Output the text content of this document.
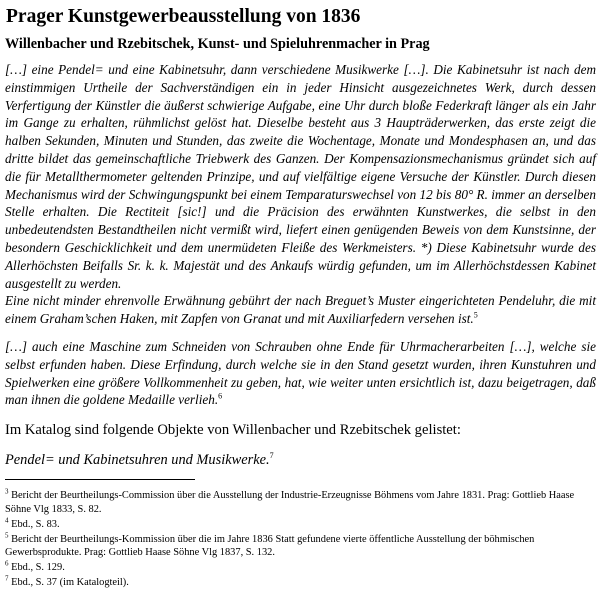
Prager Kunstgewerbeausstellung von 1836
Willenbacher und Rzebitschek, Kunst- und Spieluhrenmacher in Prag

[…] eine Pendel= und eine Kabinetsuhr, dann verschiedene Musikwerke […]. Die Kabinetsuhr ist nach dem einstimmigen Urtheile der Sachverständigen ein in jeder Hinsicht ausgezeichnetes Werk, durch dessen Verfertigung der Künstler die äußerst schwierige Aufgabe, eine Uhr durch bloße Federkraft länger als ein Jahr im Gange zu erhalten, rühmlichst gelöst hat. Dieselbe besteht aus 3 Haupträderwerken, das erste zeigt die halben Sekunden, Minuten und Stunden, das zweite die Wochentage, Monate und Mondesphasen an, und das dritte bildet das gemeinschaftliche Triebwerk des Ganzen. Der Kompensazionsmechanismus gründet sich auf die für Metallthermometer geltenden Prinzipe, und auf vielfältige eigene Versuche der Künstler. Durch diesen Mechanismus wird der Schwingungspunkt bei einem Temparaturswechsel von 12 bis 80° R. immer an derselben Stelle erhalten. Die Rectiteit [sic!] und die Präcision des erwähnten Kunstwerkes, die selbst in den unbedeutendsten Bestandtheilen nicht vermißt wird, liefert einen genügenden Beweis von dem Kunstsinne, der besondern Geschicklichkeit und dem unermüdeten Fleiße des Werkmeisters. *) Diese Kabinetsuhr wurde des Allerhöchsten Beifalls Sr. k. k. Majestät und des Ankaufs würdig gefunden, um im Allerhöchstdessen Kabinet ausgestellt zu werden.
Eine nicht minder ehrenvolle Erwähnung gebührt der nach Breguet’s Muster eingerichteten Pendeluhr, die mit einem Graham’schen Haken, mit Zapfen von Granat und mit Auxiliarfedern versehen ist.$^5$

[…] auch eine Maschine zum Schneiden von Schrauben ohne Ende für Uhrmacherarbeiten […], welche sie selbst erfunden haben. Diese Erfindung, durch welche sie in den Stand gesetzt wurden, ihren Kunstuhren und Spielwerken eine größere Vollkommenheit zu geben, hat, wie weiter unten ersichtlich ist, dazu beigetragen, daß man ihnen die goldene Medaille verlieh.$^6$

Im Katalog sind folgende Objekte von Willenbacher und Rzebitschek gelistet:

Pendel= und Kabinetsuhren und Musikwerke.$^7$

$^3$ Bericht der Beurtheilungs-Commission über die Ausstellung der Industrie-Erzeugnisse Böhmens vom Jahre 1831. Prag: Gottlieb Haase Söhne Vlg 1833, S. 82.

$^4$ Ebd., S. 83.

$^5$ Bericht der Beurtheilungs-Kommission über die im Jahre 1836 Statt gefundene vierte öffentliche Ausstellung der böhmischen Gewerbsprodukte. Prag: Gottlieb Haase Söhne Vlg 1837, S. 132.

$^6$ Ebd., S. 129.

$^7$ Ebd., S. 37 (im Katalogteil).
